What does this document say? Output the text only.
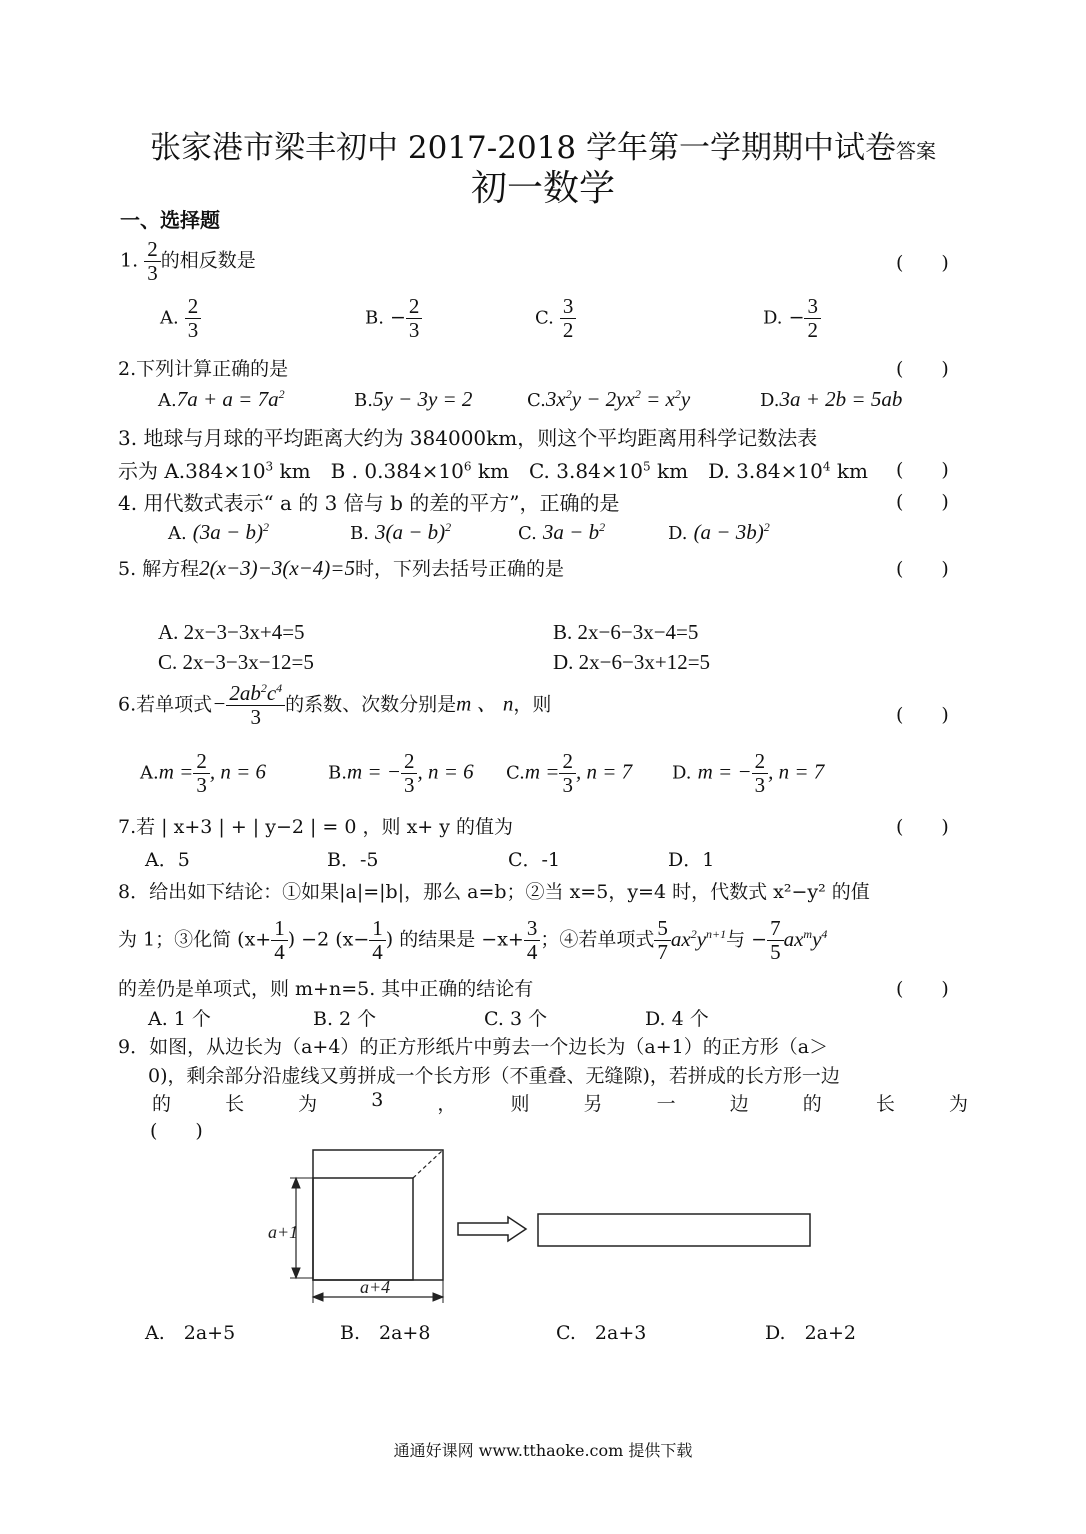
张家港市梁丰初中 2017-2018 学年第一学期期中试卷答案
初一数学
一、选择题
1. $\frac{2}{3}$ 的相反数是	(　　)
A. $\frac{2}{3}$	B. − $\frac{2}{3}$	C. $\frac{3}{2}$	D. − $\frac{3}{2}$
2.下列计算正确的是	(　　)
$A.7a + a = 7a^2$	B.5y − 3y = 2	$C.3x^2y - 2yx^2 = x^2y$	D.3a + 2b = 5ab
3. 地球与月球的平均距离大约为 384000km，则这个平均距离用科学记数法表
示为 $A.384\times 10^3$ km　B . $0.384\times 10^6$ km　C. $3.84\times 10^5$ km　D. $3.84\times 10^4$ km (　　)
4. 用代数式表示“ a 的 3 倍与 b 的差的平方”，正确的是	(　　)
A. $(3a - b)^2$	B. $3(a - b)^2$	C. $3a - b^2$	D. $(a - 3b)^2$
5. 解方程2(x−3)−3(x−4)=5时，下列去括号正确的是	(　　)
A. 2x−3−3x+4=5	B. 2x−6−3x−4=5
C. 2x−3−3x−12=5	D. 2x−6−3x+12=5
6.若单项式− $\frac{2ab^2c^4}{3}$ 的系数、次数分别是m 、 n，则	(　　)
$A.m = \frac{2}{3}$ , n = 6	B.m = − $\frac{2}{3}$ , n = 6 $C.m = \frac{2}{3}$ , n = 7 D. m = − $\frac{2}{3}$ , n = 7
7.若 | x+3 | + | y−2 | = 0 ，则 x+ y 的值为	(　　)
A．5	B．-5	C．-1	D．1
8．给出如下结论：①如果|a|=|b|，那么 a=b；②当 x=5，y=4 时，代数式 x²−y² 的值
为 1；③化简 ($x+ \frac{1}{4}$ ) −2 ($x- \frac{1}{4}$ ) 的结果是 $-x+ \frac{3}{4}$ ；④若单项式 $\frac{5}{7} ax^2y^{n+1}$与 − $\frac{7}{5} ax^my^4$
的差仍是单项式，则 m+n=5. 其中正确的结论有	(　　)
A. 1 个	B. 2 个	C. 3 个	D. 4 个
9．如图，从边长为（a+4）的正方形纸片中剪去一个边长为（a+1）的正方形（a＞
0)，剩余部分沿虚线又剪拼成一个长方形（不重叠、无缝隙)，若拼成的长方形一边
的	长	为	3	，	则	另	一	边	的	长	为
(　　)
a+1
a+4
A.　2a+5	B.　2a+8	C.　2a+3	D.　2a+2
通通好课网 www.tthaoke.com 提供下载
